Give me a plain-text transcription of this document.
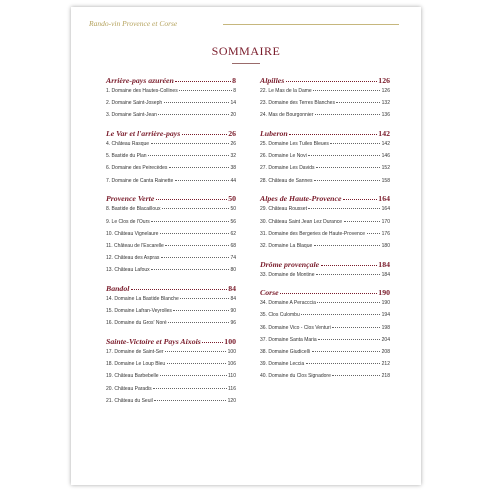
Rando-vin Provence et Corse
SOMMAIRE
Arrière-pays azuréen	8
1. Domaine des Hautes-Collines	8
2. Domaine Saint-Joseph	14
3. Domaine Saint-Jean	20
Le Var et l'arrière-pays	26
4. Château Rasque	26
5. Bastide du Plan	32
6. Domaine des Peirecèdes	38
7. Domaine de Canta Rainette	44
Provence Verte	50
8. Bastide de Blacailloux	50
9. Le Clos de l'Ours	56
10. Château Vignelaure	62
11. Château de l'Escarelle	68
12. Château des Aspras	74
13. Château Lafoux	80
Bandol	84
14. Domaine La Bastide Blanche	84
15. Domaine Lafran-Veyrolles	90
16. Domaine du Gros' Noré	96
Sainte-Victoire et Pays Aixois	100
17. Domaine de Saint-Ser	100
18. Domaine Le Loup Bleu	106
19. Château Barbebelle	110
20. Château Paradis	116
21. Château du Seuil	120
Alpilles	126
22. Le Mas de la Dame	126
23. Domaine des Terres Blanches	132
24. Mas de Bourgonnier	136
Luberon	142
25. Domaine Les Tuiles Bleues	142
26. Domaine Le Novi	146
27. Domaine Les Davids	152
28. Château de Sannes	158
Alpes de Haute-Provence	164
29. Château Rousset	164
30. Château Saint Jean Lez Durance	170
31. Domaine des Bergeries de Haute-Provence	176
32. Domaine La Blaque	180
Drôme provençale	184
33. Domaine de Montine	184
Corse	190
34. Domaine A Peracccia	190
35. Clos Culombu	194
36. Domaine Vico - Clos Venturi	198
37. Domaine Santa Maria	204
38. Domaine Giudicelli	208
39. Domaine Leccia	212
40. Domaine du Clos Signadore	218
